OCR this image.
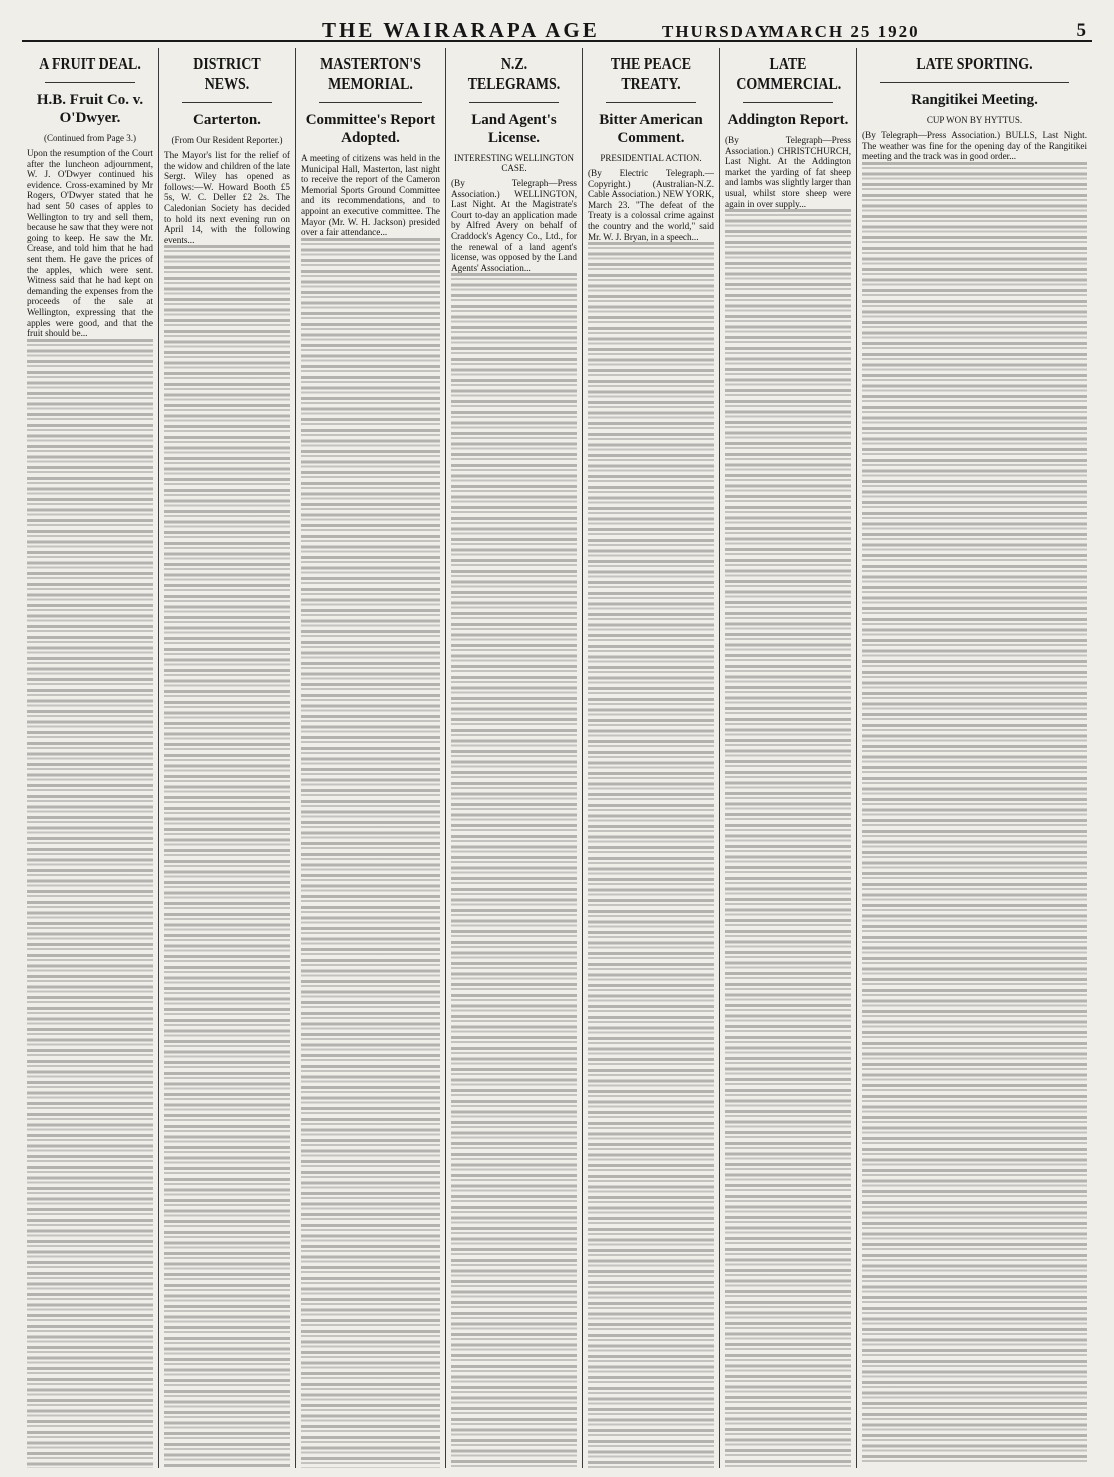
THE WAIRARAPA AGE	THURSDAY
MARCH 25 1920	5
A FRUIT DEAL.
H.B. Fruit Co. v. O'Dwyer.
(Continued from Page 3.)

Upon the resumption of the Court after the luncheon adjournment, W. J. O'Dwyer continued his evidence. Cross-examined by Mr Rogers, O'Dwyer stated that he had sent 50 cases of apples to Wellington to try and sell them, because he saw that they were not going to keep. He saw the Mr. Crease, and told him that he had sent them. He gave the prices of the apples, which were sent. Witness said that he had kept on demanding the expenses from the proceeds of the sale at Wellington, expressing that the apples were good, and that the fruit should be...

DISTRICT NEWS.
Carterton.
(From Our Resident Reporter.)

The Mayor's list for the relief of the widow and children of the late Sergt. Wiley has opened as follows:—W. Howard Booth £5 5s, W. C. Deller £2 2s. The Caledonian Society has decided to hold its next evening run on April 14, with the following events...

MASTERTON'S MEMORIAL.
Committee's Report Adopted.

A meeting of citizens was held in the Municipal Hall, Masterton, last night to receive the report of the Cameron Memorial Sports Ground Committee and its recommendations, and to appoint an executive committee. The Mayor (Mr. W. H. Jackson) presided over a fair attendance...

N.Z. TELEGRAMS.
Land Agent's License.
INTERESTING WELLINGTON CASE.

(By Telegraph—Press Association.) WELLINGTON, Last Night. At the Magistrate's Court to-day an application made by Alfred Avery on behalf of Craddock's Agency Co., Ltd., for the renewal of a land agent's license, was opposed by the Land Agents' Association...

THE PEACE TREATY.
Bitter American Comment.
PRESIDENTIAL ACTION.

(By Electric Telegraph.—Copyright.) (Australian-N.Z. Cable Association.) NEW YORK, March 23. "The defeat of the Treaty is a colossal crime against the country and the world," said Mr. W. J. Bryan, in a speech...

LATE COMMERCIAL.
Addington Report.

(By Telegraph—Press Association.) CHRISTCHURCH, Last Night. At the Addington market the yarding of fat sheep and lambs was slightly larger than usual, whilst store sheep were again in over supply...

LATE SPORTING.
Rangitikei Meeting.
CUP WON BY HYTTUS.

(By Telegraph—Press Association.) BULLS, Last Night. The weather was fine for the opening day of the Rangitikei meeting and the track was in good order...
